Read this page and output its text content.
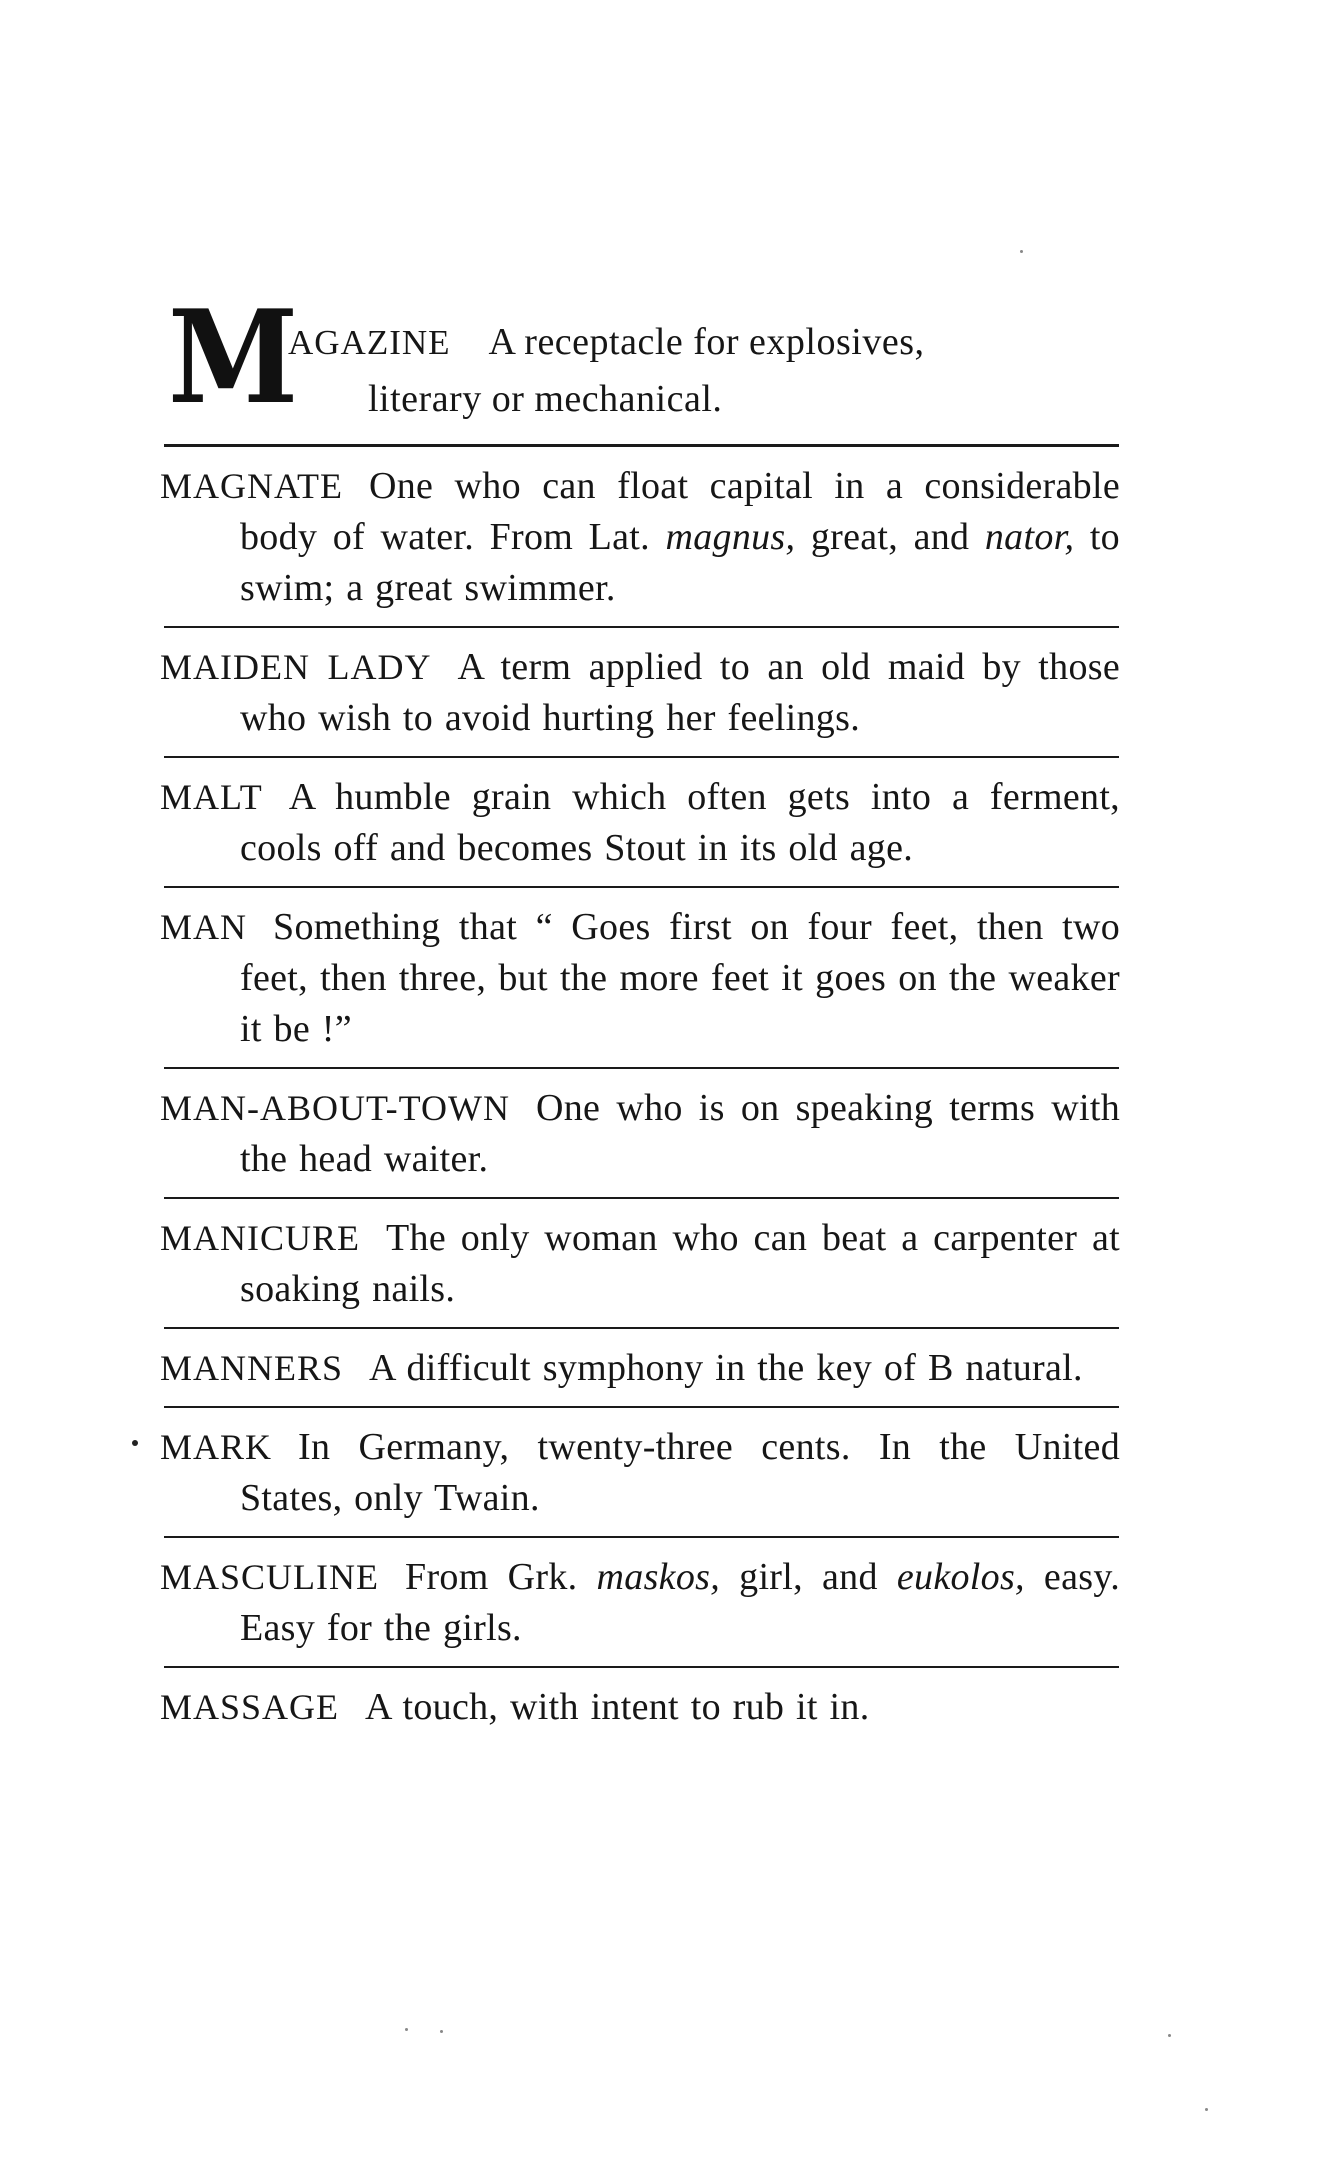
M
AGAZINE A receptacle for explosives,
literary or mechanical.
MAGNATE One who can float capital in a considerable body of water. From Lat. magnus, great, and nator, to swim; a great swimmer.
MAIDEN LADY A term applied to an old maid by those who wish to avoid hurting her feelings.
MALT A humble grain which often gets into a ferment, cools off and becomes Stout in its old age.
MAN Something that “ Goes first on four feet, then two feet, then three, but the more feet it goes on the weaker it be !”
MAN-ABOUT-TOWN One who is on speaking terms with the head waiter.
MANICURE The only woman who can beat a carpenter at soaking nails.
MANNERS A difficult symphony in the key of B natural.
MARK In Germany, twenty-three cents. In the United States, only Twain.
MASCULINE From Grk. maskos, girl, and eukolos, easy. Easy for the girls.
MASSAGE A touch, with intent to rub it in.
